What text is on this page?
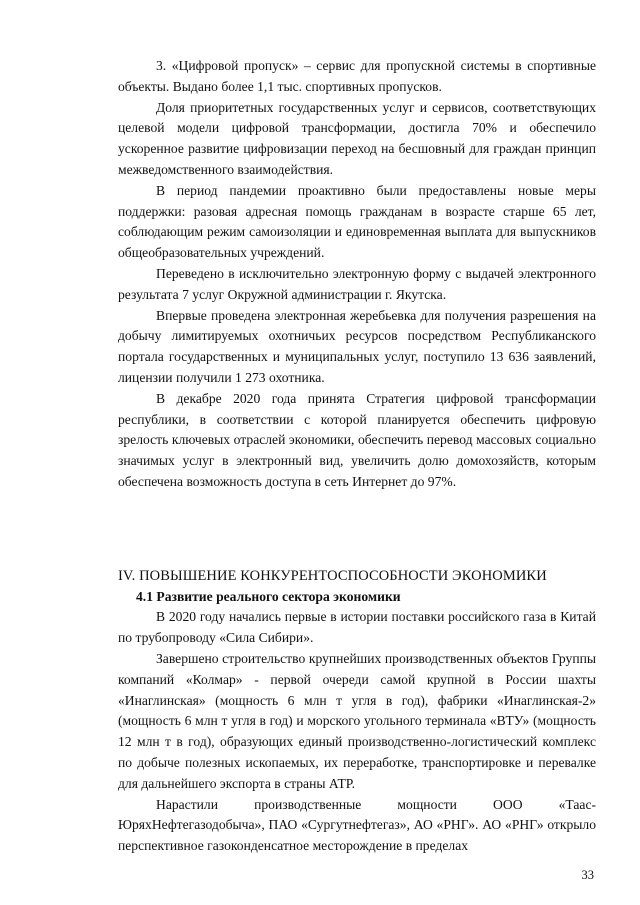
3. «Цифровой пропуск» – сервис для пропускной системы в спортивные объекты. Выдано более 1,1 тыс. спортивных пропусков.

Доля приоритетных государственных услуг и сервисов, соответствующих целевой модели цифровой трансформации, достигла 70% и обеспечило ускоренное развитие цифровизации переход на бесшовный для граждан принцип межведомственного взаимодействия.

В период пандемии проактивно были предоставлены новые меры поддержки: разовая адресная помощь гражданам в возрасте старше 65 лет, соблюдающим режим самоизоляции и единовременная выплата для выпускников общеобразовательных учреждений.

Переведено в исключительно электронную форму с выдачей электронного результата 7 услуг Окружной администрации г. Якутска.

Впервые проведена электронная жеребьевка для получения разрешения на добычу лимитируемых охотничьих ресурсов посредством Республиканского портала государственных и муниципальных услуг, поступило 13 636 заявлений, лицензии получили 1 273 охотника.

В декабре 2020 года принята Стратегия цифровой трансформации республики, в соответствии с которой планируется обеспечить цифровую зрелость ключевых отраслей экономики, обеспечить перевод массовых социально значимых услуг в электронный вид, увеличить долю домохозяйств, которым обеспечена возможность доступа в сеть Интернет до 97%.

IV. ПОВЫШЕНИЕ КОНКУРЕНТОСПОСОБНОСТИ ЭКОНОМИКИ

4.1 Развитие реального сектора экономики

В 2020 году начались первые в истории поставки российского газа в Китай по трубопроводу «Сила Сибири».

Завершено строительство крупнейших производственных объектов Группы компаний «Колмар» - первой очереди самой крупной в России шахты «Инаглинская» (мощность 6 млн т угля в год), фабрики «Инаглинская-2» (мощность 6 млн т угля в год) и морского угольного терминала «ВТУ» (мощность 12 млн т в год), образующих единый производственно-логистический комплекс по добыче полезных ископаемых, их переработке, транспортировке и перевалке для дальнейшего экспорта в страны АТР.

Нарастили производственные мощности ООО «Таас-ЮряхНефтегазодобыча», ПАО «Сургутнефтегаз», АО «РНГ». АО «РНГ» открыло перспективное газоконденсатное месторождение в пределах

33
